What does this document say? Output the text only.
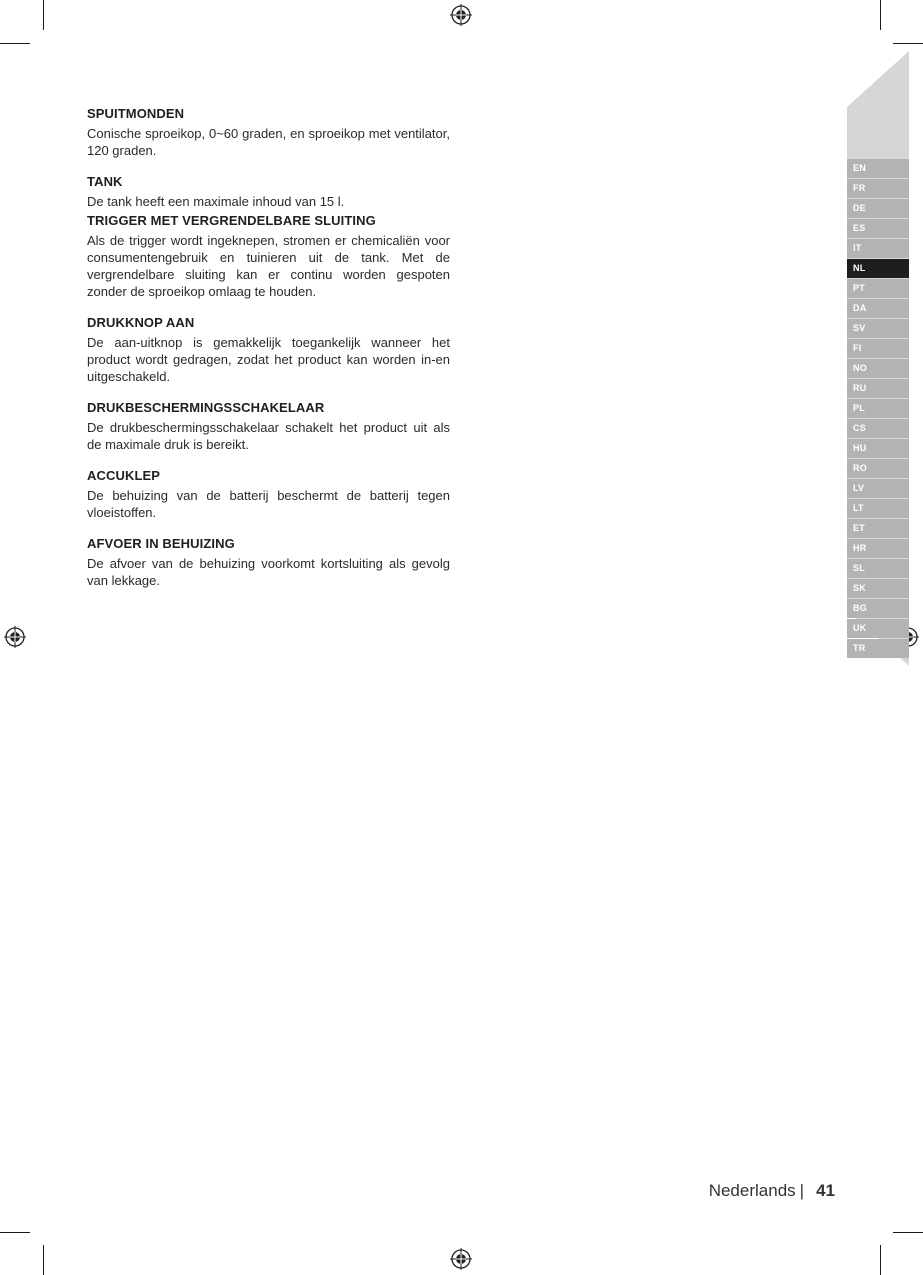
SPUITMONDEN

Conische sproeikop, 0~60 graden, en sproeikop met ventilator, 120 graden.

TANK

De tank heeft een maximale inhoud van 15 l.

TRIGGER MET VERGRENDELBARE SLUITING

Als de trigger wordt ingeknepen, stromen er chemicaliën voor consumentengebruik en tuinieren uit de tank. Met de vergrendelbare sluiting kan er continu worden gespoten zonder de sproeikop omlaag te houden.

DRUKKNOP AAN

De aan-uitknop is gemakkelijk toegankelijk wanneer het product wordt gedragen, zodat het product kan worden in-en uitgeschakeld.

DRUKBESCHERMINGSSCHAKELAAR

De drukbeschermingsschakelaar schakelt het product uit als de maximale druk is bereikt.

ACCUKLEP

De behuizing van de batterij beschermt de batterij tegen vloeistoffen.

AFVOER IN BEHUIZING

De afvoer van de behuizing voorkomt kortsluiting als gevolg van lekkage.

EN
FR
DE
ES
IT
NL
PT
DA
SV
FI
NO
RU
PL
CS
HU
RO
LV
LT
ET
HR
SL
SK
BG
UK
TR
Nederlands | 41
